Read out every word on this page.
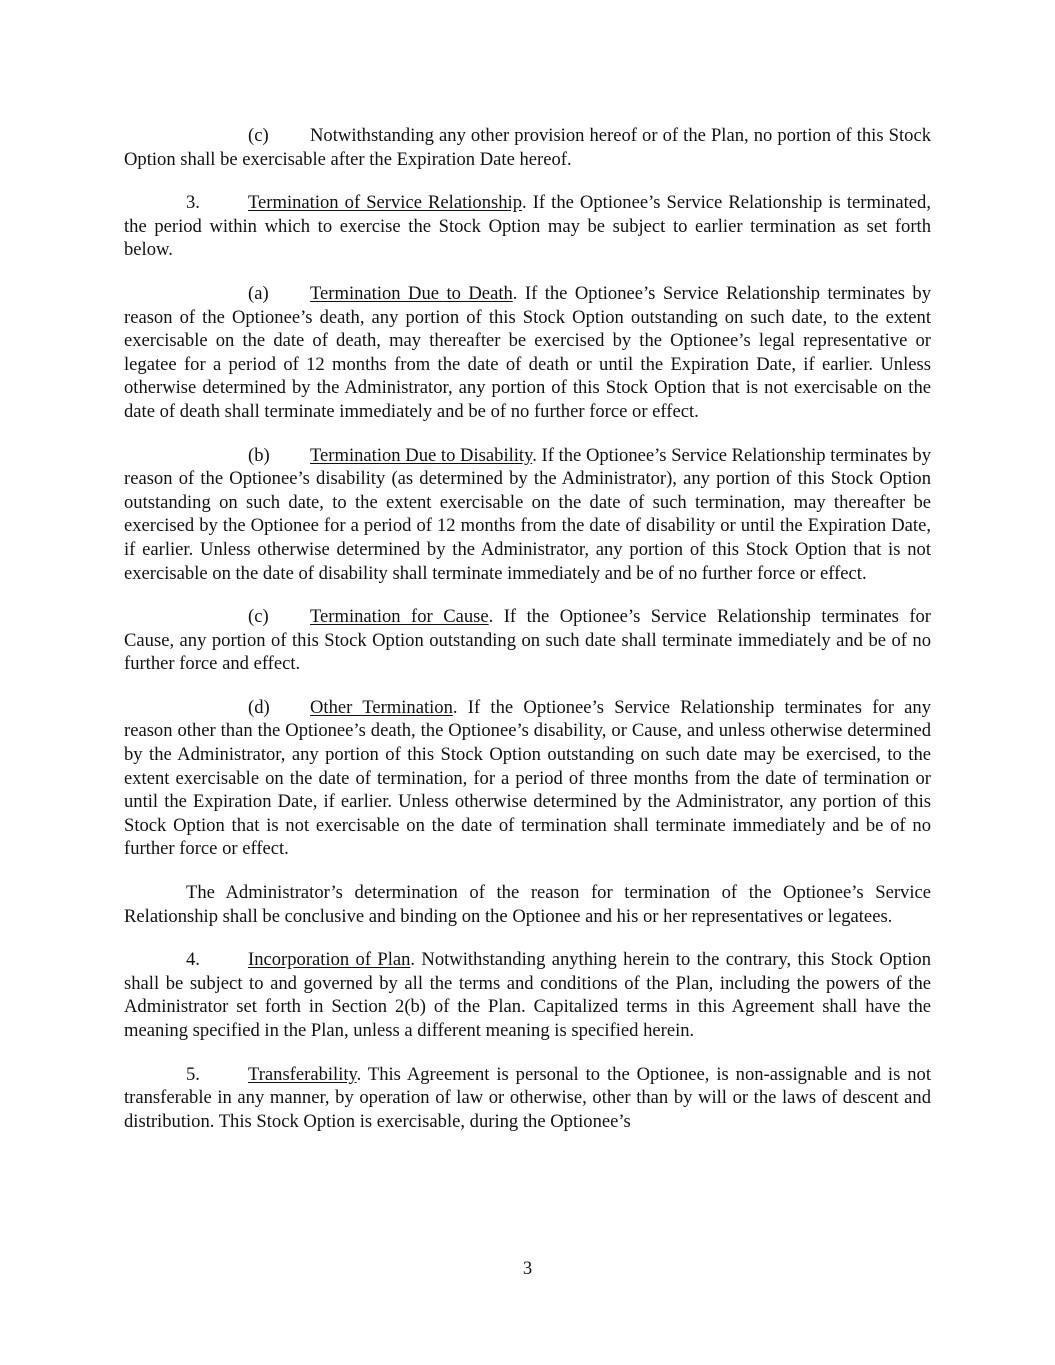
(c) Notwithstanding any other provision hereof or of the Plan, no portion of this Stock Option shall be exercisable after the Expiration Date hereof.

3.	Termination of Service Relationship. If the Optionee’s Service Relationship is terminated, the period within which to exercise the Stock Option may be subject to earlier termination as set forth below.

(a) Termination Due to Death. If the Optionee’s Service Relationship terminates by reason of the Optionee’s death, any portion of this Stock Option outstanding on such date, to the extent exercisable on the date of death, may thereafter be exercised by the Optionee’s legal representative or legatee for a period of 12 months from the date of death or until the Expiration Date, if earlier. Unless otherwise determined by the Administrator, any portion of this Stock Option that is not exercisable on the date of death shall terminate immediately and be of no further force or effect.

(b) Termination Due to Disability. If the Optionee’s Service Relationship terminates by reason of the Optionee’s disability (as determined by the Administrator), any portion of this Stock Option outstanding on such date, to the extent exercisable on the date of such termination, may thereafter be exercised by the Optionee for a period of 12 months from the date of disability or until the Expiration Date, if earlier. Unless otherwise determined by the Administrator, any portion of this Stock Option that is not exercisable on the date of disability shall terminate immediately and be of no further force or effect.

(c) Termination for Cause. If the Optionee’s Service Relationship terminates for Cause, any portion of this Stock Option outstanding on such date shall terminate immediately and be of no further force and effect.

(d) Other Termination. If the Optionee’s Service Relationship terminates for any reason other than the Optionee’s death, the Optionee’s disability, or Cause, and unless otherwise determined by the Administrator, any portion of this Stock Option outstanding on such date may be exercised, to the extent exercisable on the date of termination, for a period of three months from the date of termination or until the Expiration Date, if earlier. Unless otherwise determined by the Administrator, any portion of this Stock Option that is not exercisable on the date of termination shall terminate immediately and be of no further force or effect.

The Administrator’s determination of the reason for termination of the Optionee’s Service Relationship shall be conclusive and binding on the Optionee and his or her representatives or legatees.

4.	Incorporation of Plan. Notwithstanding anything herein to the contrary, this Stock Option shall be subject to and governed by all the terms and conditions of the Plan, including the powers of the Administrator set forth in Section 2(b) of the Plan. Capitalized terms in this Agreement shall have the meaning specified in the Plan, unless a different meaning is specified herein.

5.	Transferability. This Agreement is personal to the Optionee, is non-assignable and is not transferable in any manner, by operation of law or otherwise, other than by will or the laws of descent and distribution. This Stock Option is exercisable, during the Optionee’s

3
